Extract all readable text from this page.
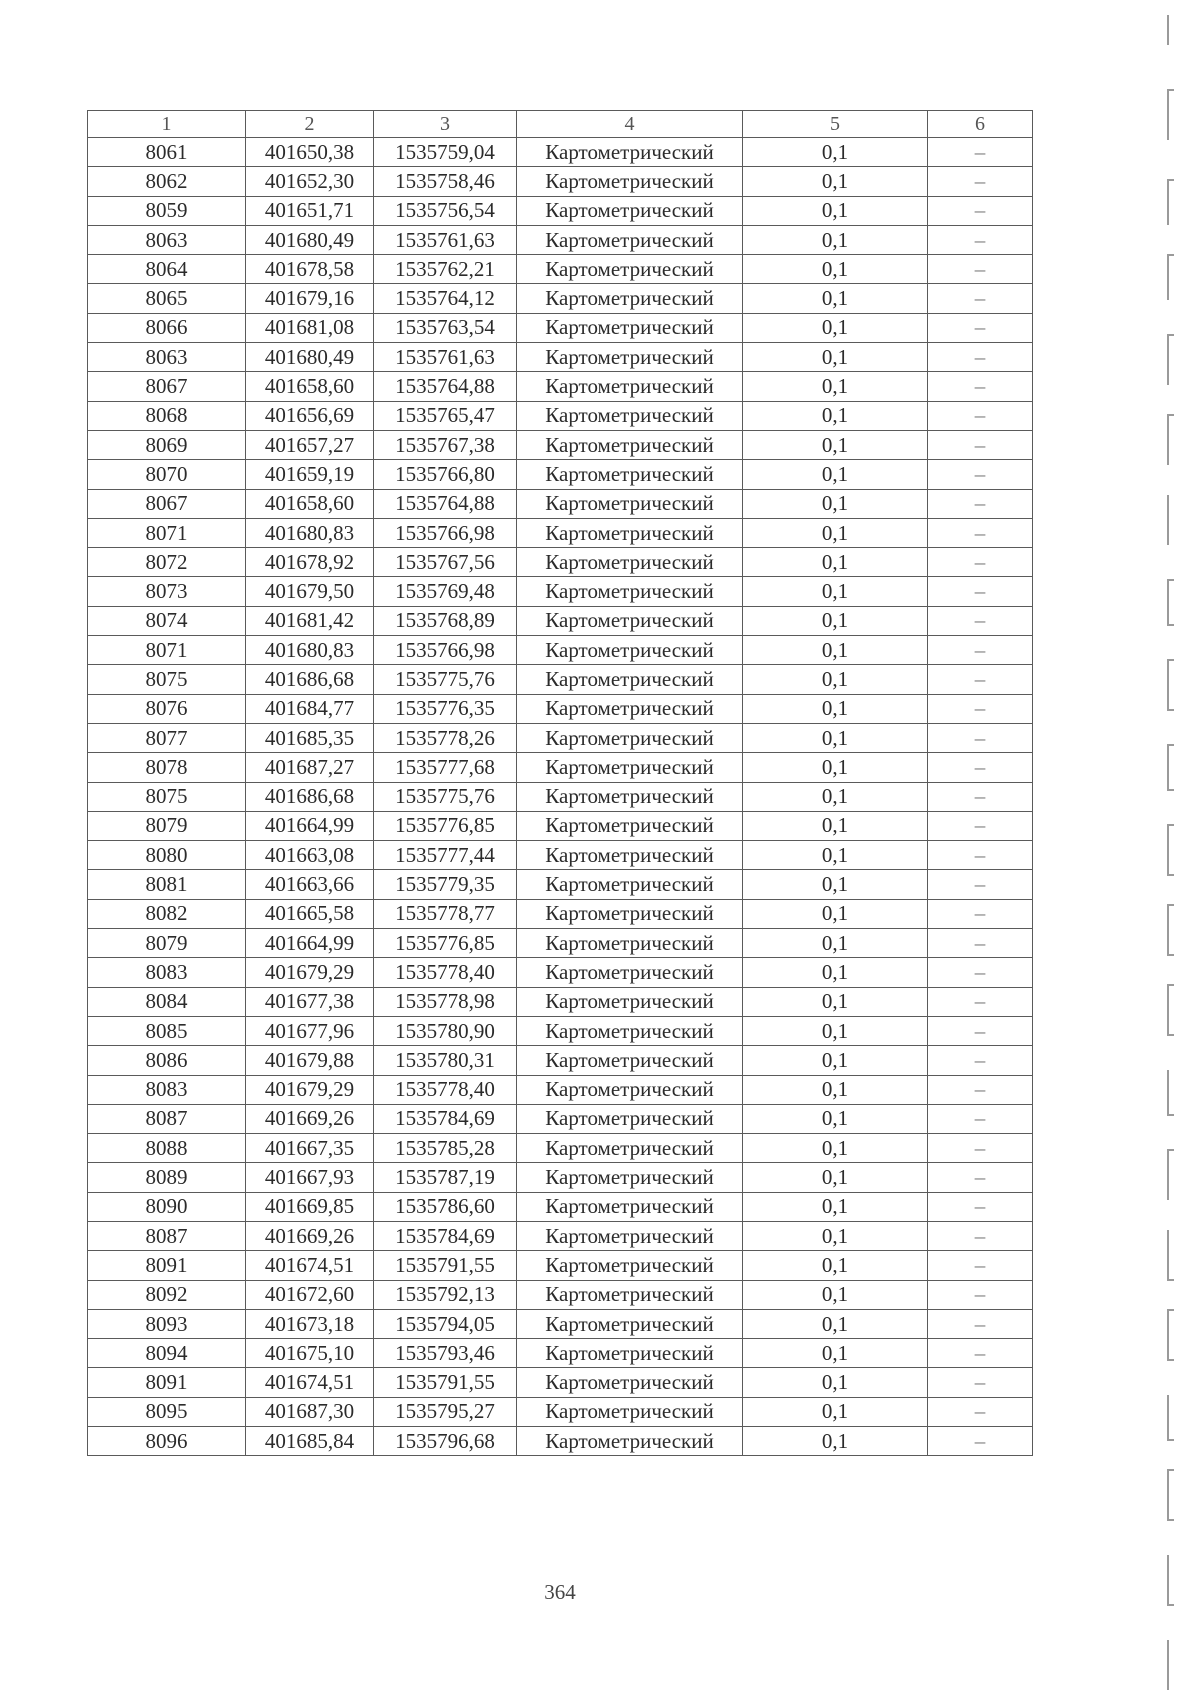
1	2	3	4	5	6
8061	401650,38	1535759,04	Картометрический	0,1	–
8062	401652,30	1535758,46	Картометрический	0,1	–
8059	401651,71	1535756,54	Картометрический	0,1	–
8063	401680,49	1535761,63	Картометрический	0,1	–
8064	401678,58	1535762,21	Картометрический	0,1	–
8065	401679,16	1535764,12	Картометрический	0,1	–
8066	401681,08	1535763,54	Картометрический	0,1	–
8063	401680,49	1535761,63	Картометрический	0,1	–
8067	401658,60	1535764,88	Картометрический	0,1	–
8068	401656,69	1535765,47	Картометрический	0,1	–
8069	401657,27	1535767,38	Картометрический	0,1	–
8070	401659,19	1535766,80	Картометрический	0,1	–
8067	401658,60	1535764,88	Картометрический	0,1	–
8071	401680,83	1535766,98	Картометрический	0,1	–
8072	401678,92	1535767,56	Картометрический	0,1	–
8073	401679,50	1535769,48	Картометрический	0,1	–
8074	401681,42	1535768,89	Картометрический	0,1	–
8071	401680,83	1535766,98	Картометрический	0,1	–
8075	401686,68	1535775,76	Картометрический	0,1	–
8076	401684,77	1535776,35	Картометрический	0,1	–
8077	401685,35	1535778,26	Картометрический	0,1	–
8078	401687,27	1535777,68	Картометрический	0,1	–
8075	401686,68	1535775,76	Картометрический	0,1	–
8079	401664,99	1535776,85	Картометрический	0,1	–
8080	401663,08	1535777,44	Картометрический	0,1	–
8081	401663,66	1535779,35	Картометрический	0,1	–
8082	401665,58	1535778,77	Картометрический	0,1	–
8079	401664,99	1535776,85	Картометрический	0,1	–
8083	401679,29	1535778,40	Картометрический	0,1	–
8084	401677,38	1535778,98	Картометрический	0,1	–
8085	401677,96	1535780,90	Картометрический	0,1	–
8086	401679,88	1535780,31	Картометрический	0,1	–
8083	401679,29	1535778,40	Картометрический	0,1	–
8087	401669,26	1535784,69	Картометрический	0,1	–
8088	401667,35	1535785,28	Картометрический	0,1	–
8089	401667,93	1535787,19	Картометрический	0,1	–
8090	401669,85	1535786,60	Картометрический	0,1	–
8087	401669,26	1535784,69	Картометрический	0,1	–
8091	401674,51	1535791,55	Картометрический	0,1	–
8092	401672,60	1535792,13	Картометрический	0,1	–
8093	401673,18	1535794,05	Картометрический	0,1	–
8094	401675,10	1535793,46	Картометрический	0,1	–
8091	401674,51	1535791,55	Картометрический	0,1	–
8095	401687,30	1535795,27	Картометрический	0,1	–
8096	401685,84	1535796,68	Картометрический	0,1	–
364
